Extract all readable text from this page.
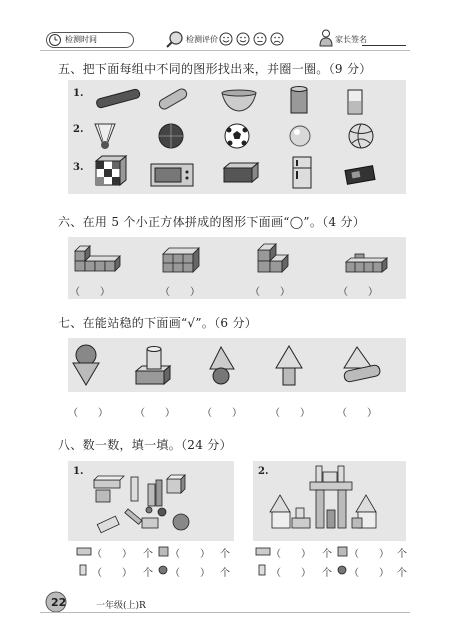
检测时间	检测评价	家长签名
五、把下面每组中不同的图形找出来，并圈一圈。（9 分）
1.
2.
3.
六、在用 5 个小正方体拼成的图形下面画“◯”。（4 分）
（　　）	（　　）	（　　）	（　　）
七、在能站稳的下面画“√”。（6 分）
（　　）	（　　）	（　　）	（　　）	（　　）
八、数一数，填一填。（24 分）
1.	2.
（　　） 个 （　　） 个
（　　） 个 （　　） 个
（　　） 个 （　　） 个
（　　） 个 （　　） 个
22	一年级(上)R
